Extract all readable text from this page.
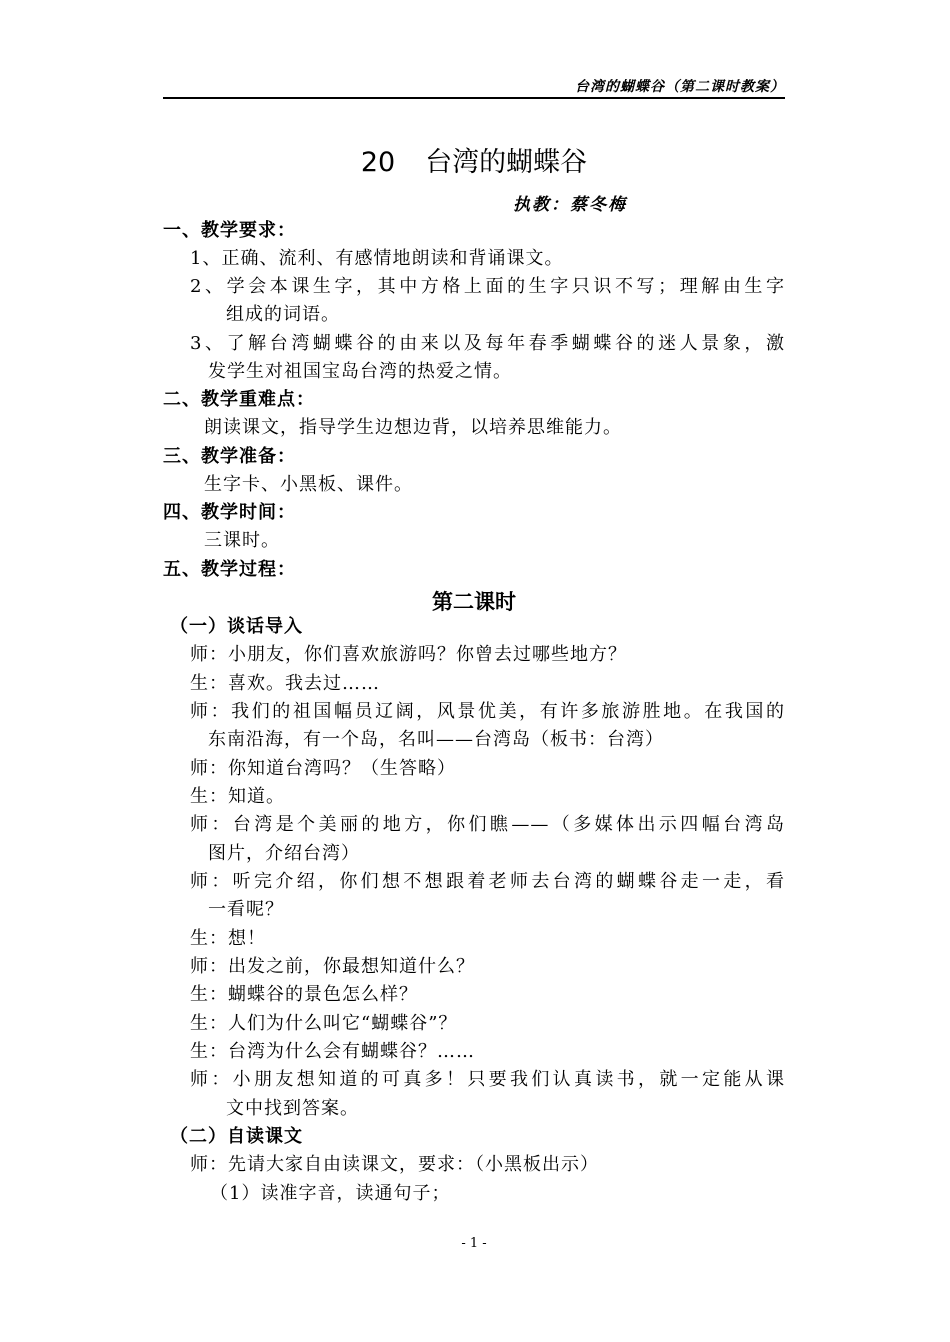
台湾的蝴蝶谷（第二课时教案）
20 台湾的蝴蝶谷
执教：蔡冬梅
一、教学要求：
1、正确、流利、有感情地朗读和背诵课文。
2、学会本课生字，其中方格上面的生字只识不写；理解由生字
组成的词语。
3、了解台湾蝴蝶谷的由来以及每年春季蝴蝶谷的迷人景象，激
发学生对祖国宝岛台湾的热爱之情。
二、教学重难点：
朗读课文，指导学生边想边背，以培养思维能力。
三、教学准备：
生字卡、小黑板、课件。
四、教学时间：
三课时。
五、教学过程：
第二课时
（一）谈话导入
师：小朋友，你们喜欢旅游吗？你曾去过哪些地方？
生：喜欢。我去过……
师：我们的祖国幅员辽阔，风景优美，有许多旅游胜地。在我国的
东南沿海，有一个岛，名叫——台湾岛（板书：台湾）
师：你知道台湾吗？（生答略）
生：知道。
师：台湾是个美丽的地方，你们瞧——（多媒体出示四幅台湾岛
图片，介绍台湾）
师：听完介绍，你们想不想跟着老师去台湾的蝴蝶谷走一走，看
一看呢？
生：想！
师：出发之前，你最想知道什么？
生：蝴蝶谷的景色怎么样？
生：人们为什么叫它“蝴蝶谷”？
生：台湾为什么会有蝴蝶谷？……
师：小朋友想知道的可真多！只要我们认真读书，就一定能从课
文中找到答案。
（二）自读课文
师：先请大家自由读课文，要求：（小黑板出示）
（1）读准字音，读通句子；
- 1 -
